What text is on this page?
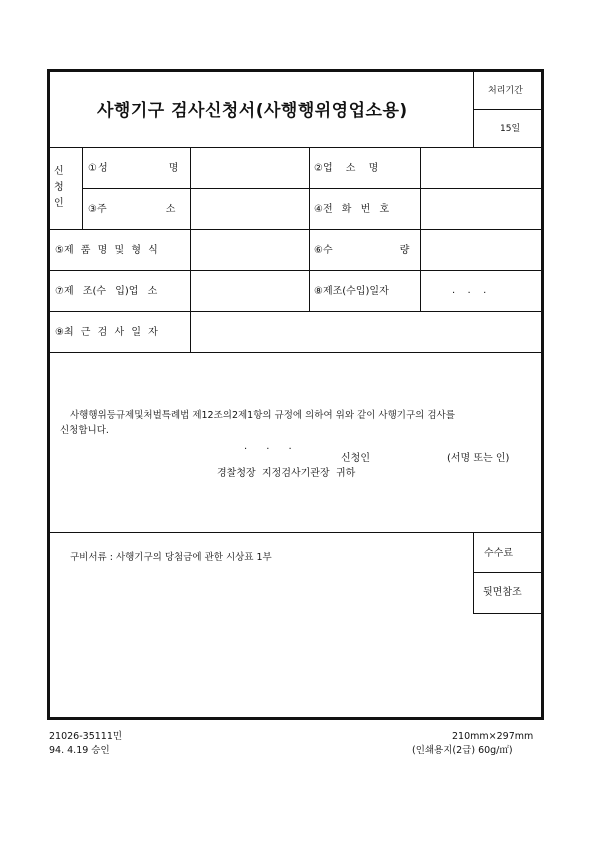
사행기구 검사신청서(사행행위영업소용)
처리기간
15일
신
청
인
①성 명	②업 소 명
③주 소	④전 화 번 호
⑤제 품 명 및 형 식	⑥수 량
⑦제 조(수 입)업 소	⑧제조(수입)일자	.  .  .
⑨최 근 검 사 일 자
사행행위등규제및처벌특례법 제12조의2제1항의 규정에 의하여 위와 같이 사행기구의 검사를
신청합니다.
.      .      .
신청인	(서명 또는 인)
경찰청장  지정검사기관장  귀하
구비서류 : 사행기구의 당첨금에 관한 시상표 1부	수수료
뒷면참조
21026-35111민
94. 4.19 승인
210mm×297mm
(인쇄용지(2급) 60g/㎡)
